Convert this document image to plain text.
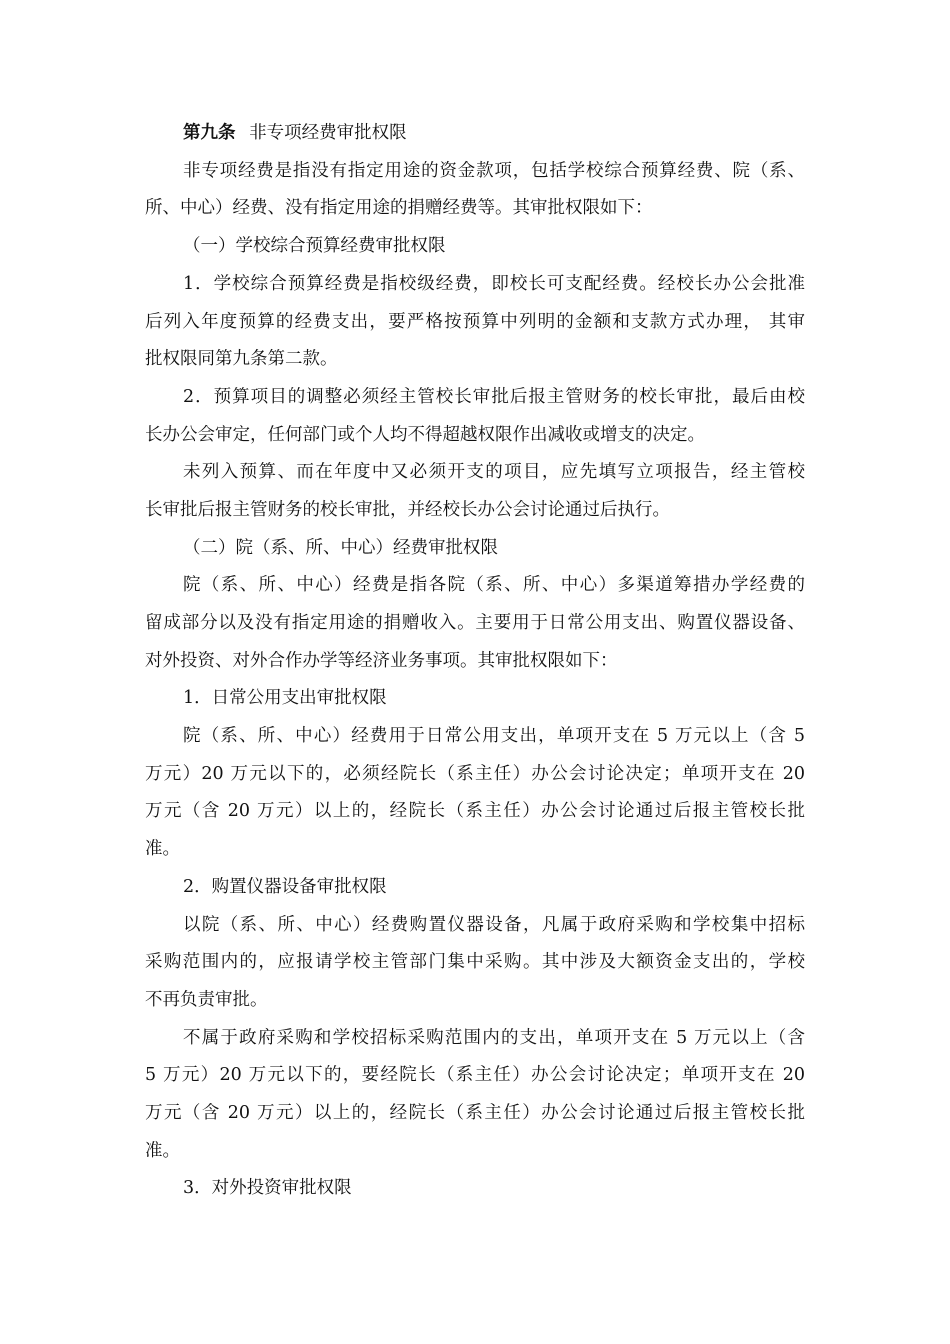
第九条 非专项经费审批权限
非专项经费是指没有指定用途的资金款项，包括学校综合预算经费、院（系、
所、中心）经费、没有指定用途的捐赠经费等。其审批权限如下：
（一）学校综合预算经费审批权限
1．学校综合预算经费是指校级经费，即校长可支配经费。经校长办公会批准
后列入年度预算的经费支出，要严格按预算中列明的金额和支款方式办理， 其审
批权限同第九条第二款。
2．预算项目的调整必须经主管校长审批后报主管财务的校长审批，最后由校
长办公会审定，任何部门或个人均不得超越权限作出减收或增支的决定。
未列入预算、而在年度中又必须开支的项目，应先填写立项报告，经主管校
长审批后报主管财务的校长审批，并经校长办公会讨论通过后执行。
（二）院（系、所、中心）经费审批权限
院（系、所、中心）经费是指各院（系、所、中心）多渠道筹措办学经费的
留成部分以及没有指定用途的捐赠收入。主要用于日常公用支出、购置仪器设备、
对外投资、对外合作办学等经济业务事项。其审批权限如下：
1．日常公用支出审批权限
院（系、所、中心）经费用于日常公用支出，单项开支在 5 万元以上（含 5
万元）20 万元以下的，必须经院长（系主任）办公会讨论决定；单项开支在 20
万元（含 20 万元）以上的，经院长（系主任）办公会讨论通过后报主管校长批
准。
2．购置仪器设备审批权限
以院（系、所、中心）经费购置仪器设备，凡属于政府采购和学校集中招标
采购范围内的，应报请学校主管部门集中采购。其中涉及大额资金支出的，学校
不再负责审批。
不属于政府采购和学校招标采购范围内的支出，单项开支在 5 万元以上（含
5 万元）20 万元以下的，要经院长（系主任）办公会讨论决定；单项开支在 20
万元（含 20 万元）以上的，经院长（系主任）办公会讨论通过后报主管校长批
准。
3．对外投资审批权限
